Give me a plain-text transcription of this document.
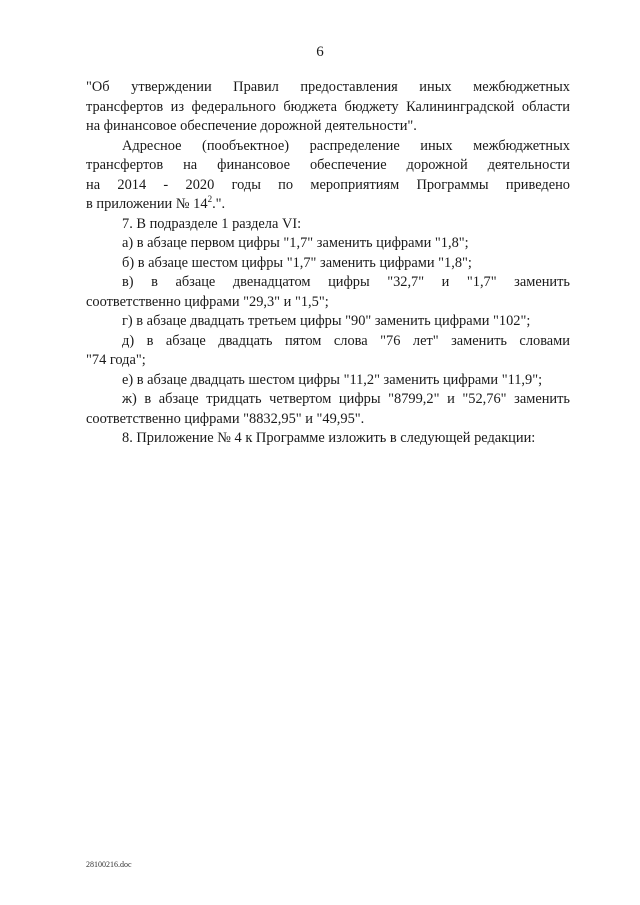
6

"Об утверждении Правил предоставления иных межбюджетных

трансфертов из федерального бюджета бюджету Калининградской области

на финансовое обеспечение дорожной деятельности".

Адресное (пообъектное) распределение иных межбюджетных

трансфертов на финансовое обеспечение дорожной деятельности

на 2014 - 2020 годы по мероприятиям Программы приведено

в приложении № $14^2$.".

7. В подразделе 1 раздела VI:

а) в абзаце первом цифры "1,7" заменить цифрами "1,8";

б) в абзаце шестом цифры "1,7" заменить цифрами "1,8";

в) в абзаце двенадцатом цифры "32,7" и "1,7" заменить

соответственно цифрами "29,3" и "1,5";

г) в абзаце двадцать третьем цифры "90" заменить цифрами "102";

д) в абзаце двадцать пятом слова "76 лет" заменить словами

"74 года";

е) в абзаце двадцать шестом цифры "11,2" заменить цифрами "11,9";

ж) в абзаце тридцать четвертом цифры "8799,2" и "52,76" заменить

соответственно цифрами "8832,95" и "49,95".

8. Приложение № 4 к Программе изложить в следующей редакции:

28100216.doc
